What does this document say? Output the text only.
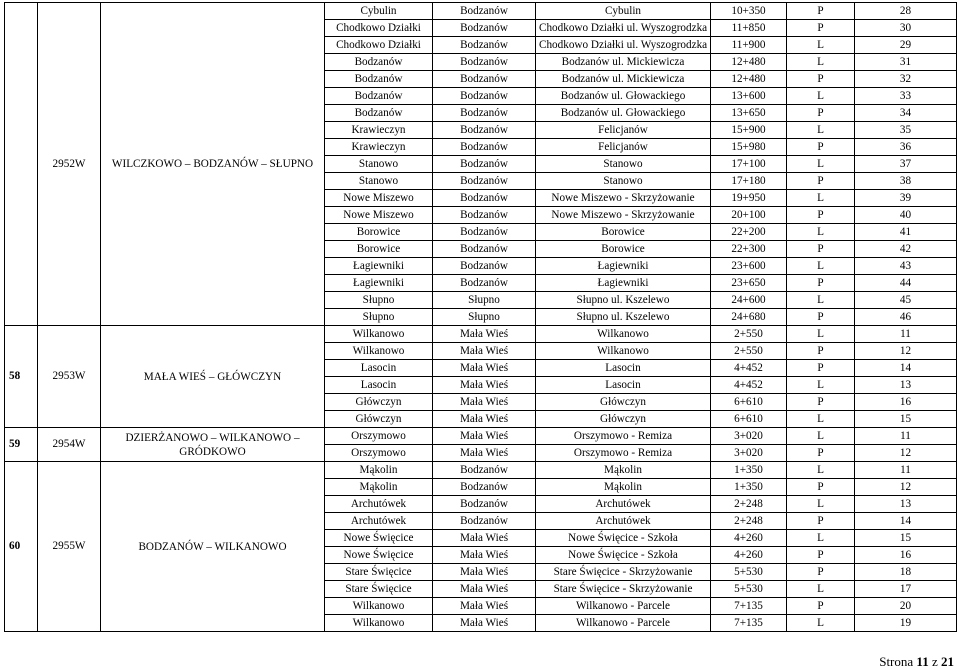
	2952W	WILCZKOWO – BODZANÓW – SŁUPNO	Cybulin	Bodzanów	Cybulin	10+350	P	28
			Chodkowo Działki	Bodzanów	Chodkowo Działki ul. Wyszogrodzka	11+850	P	30
			Chodkowo Działki	Bodzanów	Chodkowo Działki ul. Wyszogrodzka	11+900	L	29
			Bodzanów	Bodzanów	Bodzanów ul. Mickiewicza	12+480	L	31
			Bodzanów	Bodzanów	Bodzanów ul. Mickiewicza	12+480	P	32
			Bodzanów	Bodzanów	Bodzanów ul. Głowackiego	13+600	L	33
			Bodzanów	Bodzanów	Bodzanów ul. Głowackiego	13+650	P	34
			Krawieczyn	Bodzanów	Felicjanów	15+900	L	35
			Krawieczyn	Bodzanów	Felicjanów	15+980	P	36
			Stanowo	Bodzanów	Stanowo	17+100	L	37
			Stanowo	Bodzanów	Stanowo	17+180	P	38
			Nowe Miszewo	Bodzanów	Nowe Miszewo - Skrzyżowanie	19+950	L	39
			Nowe Miszewo	Bodzanów	Nowe Miszewo - Skrzyżowanie	20+100	P	40
			Borowice	Bodzanów	Borowice	22+200	L	41
			Borowice	Bodzanów	Borowice	22+300	P	42
			Łagiewniki	Bodzanów	Łagiewniki	23+600	L	43
			Łagiewniki	Bodzanów	Łagiewniki	23+650	P	44
			Słupno	Słupno	Słupno ul. Kszelewo	24+600	L	45
			Słupno	Słupno	Słupno ul. Kszelewo	24+680	P	46
58	2953W	MAŁA WIEŚ – GŁÓWCZYN	Wilkanowo	Mała Wieś	Wilkanowo	2+550	L	11
			Wilkanowo	Mała Wieś	Wilkanowo	2+550	P	12
			Lasocin	Mała Wieś	Lasocin	4+452	P	14
			Lasocin	Mała Wieś	Lasocin	4+452	L	13
			Główczyn	Mała Wieś	Główczyn	6+610	P	16
			Główczyn	Mała Wieś	Główczyn	6+610	L	15
59	2954W	DZIERŻANOWO – WILKANOWO – GRÓDKOWO	Orszymowo	Mała Wieś	Orszymowo - Remiza	3+020	L	11
			Orszymowo	Mała Wieś	Orszymowo - Remiza	3+020	P	12
60	2955W	BODZANÓW – WILKANOWO	Mąkolin	Bodzanów	Mąkolin	1+350	L	11
			Mąkolin	Bodzanów	Mąkolin	1+350	P	12
			Archutówek	Bodzanów	Archutówek	2+248	L	13
			Archutówek	Bodzanów	Archutówek	2+248	P	14
			Nowe Święcice	Mała Wieś	Nowe Święcice - Szkoła	4+260	L	15
			Nowe Święcice	Mała Wieś	Nowe Święcice - Szkoła	4+260	P	16
			Stare Święcice	Mała Wieś	Stare Święcice - Skrzyżowanie	5+530	P	18
			Stare Święcice	Mała Wieś	Stare Święcice - Skrzyżowanie	5+530	L	17
			Wilkanowo	Mała Wieś	Wilkanowo - Parcele	7+135	P	20
			Wilkanowo	Mała Wieś	Wilkanowo - Parcele	7+135	L	19
Strona 11 z 21
